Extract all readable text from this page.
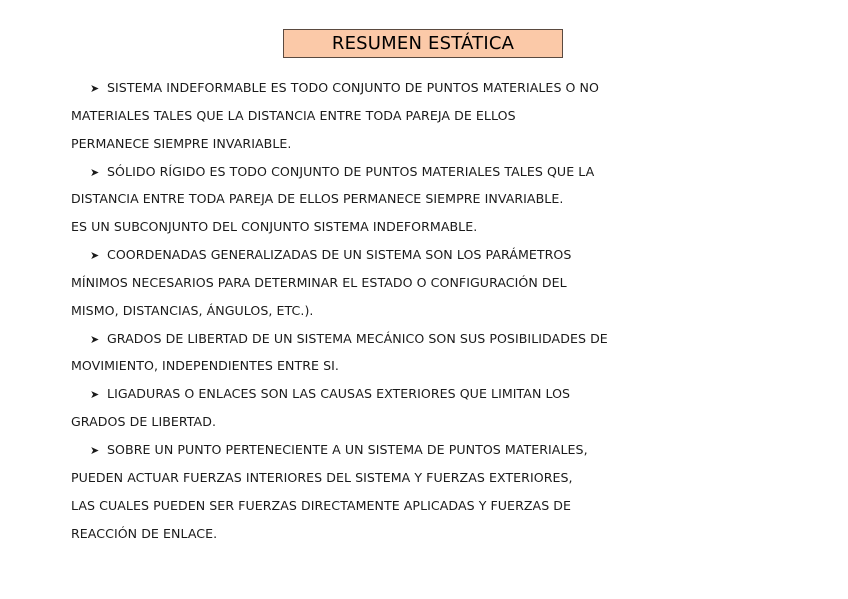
RESUMEN ESTÁTICA
➤ SISTEMA INDEFORMABLE ES TODO CONJUNTO DE PUNTOS MATERIALES O NO
MATERIALES TALES QUE LA DISTANCIA ENTRE TODA PAREJA DE ELLOS
PERMANECE SIEMPRE INVARIABLE.
➤ SÓLIDO RÍGIDO ES TODO CONJUNTO DE PUNTOS MATERIALES TALES QUE LA
DISTANCIA ENTRE TODA PAREJA DE ELLOS PERMANECE SIEMPRE INVARIABLE.
ES UN SUBCONJUNTO DEL CONJUNTO SISTEMA INDEFORMABLE.
➤ COORDENADAS GENERALIZADAS DE UN SISTEMA SON LOS PARÁMETROS
MÍNIMOS NECESARIOS PARA DETERMINAR EL ESTADO O CONFIGURACIÓN DEL
MISMO, DISTANCIAS, ÁNGULOS, ETC.).
➤ GRADOS DE LIBERTAD DE UN SISTEMA MECÁNICO SON SUS POSIBILIDADES DE
MOVIMIENTO, INDEPENDIENTES ENTRE SI.
➤ LIGADURAS O ENLACES SON LAS CAUSAS EXTERIORES QUE LIMITAN LOS
GRADOS DE LIBERTAD.
➤ SOBRE UN PUNTO PERTENECIENTE A UN SISTEMA DE PUNTOS MATERIALES,
PUEDEN ACTUAR FUERZAS INTERIORES DEL SISTEMA Y FUERZAS EXTERIORES,
LAS CUALES PUEDEN SER FUERZAS DIRECTAMENTE APLICADAS Y FUERZAS DE
REACCIÓN DE ENLACE.
